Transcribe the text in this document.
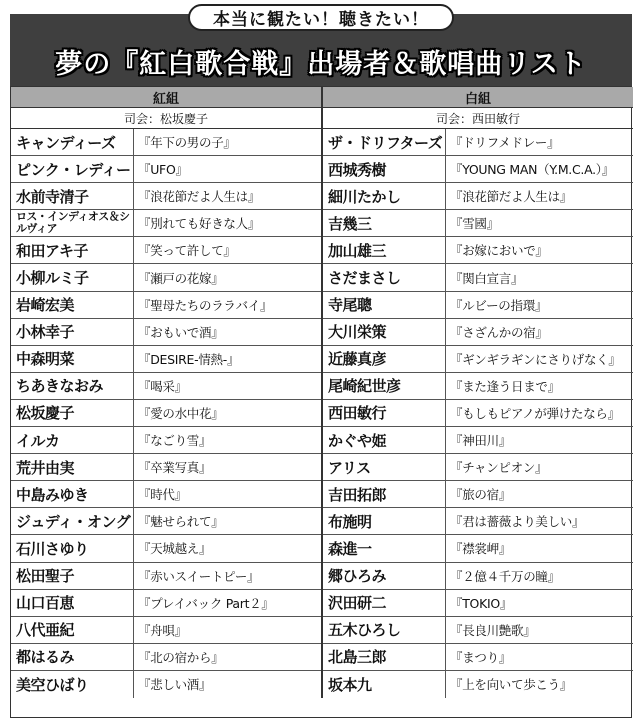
本当に観たい！聴きたい！
夢の『紅白歌合戦』出場者＆歌唱曲リスト
紅組
司会：松坂慶子
キャンディーズ	『年下の男の子』
ピンク・レディー 『UFO』
水前寺清子	『浪花節だよ人生は』
ロス・インディオス＆シルヴィア	『別れても好きな人』
和田アキ子	『笑って許して』
小柳ルミ子	『瀬戸の花嫁』
岩崎宏美	『聖母たちのララバイ』
小林幸子	『おもいで酒』
中森明菜	『DESIRE-情熱-』
ちあきなおみ	『喝采』
松坂慶子	『愛の水中花』
イルカ	『なごり雪』
荒井由実	『卒業写真』
中島みゆき	『時代』
ジュディ・オング 『魅せられて』
石川さゆり	『天城越え』
松田聖子	『赤いスイートピー』
山口百恵	『プレイバック Part２』
八代亜紀	『舟唄』
都はるみ	『北の宿から』
美空ひばり	『悲しい酒』
白組
司会：西田敏行
ザ・ドリフターズ 『ドリフメドレー』
西城秀樹	『YOUNG MAN（Y.M.C.A.）』
細川たかし	『浪花節だよ人生は』
吉幾三	『雪國』
加山雄三	『お嫁においで』
さだまさし	『関白宣言』
寺尾聰	『ルビーの指環』
大川栄策	『さざんかの宿』
近藤真彦	『ギンギラギンにさりげなく』
尾崎紀世彦	『また逢う日まで』
西田敏行	『もしもピアノが弾けたなら』
かぐや姫	『神田川』
アリス	『チャンピオン』
吉田拓郎	『旅の宿』
布施明	『君は薔薇より美しい』
森進一	『襟裳岬』
郷ひろみ	『２億４千万の瞳』
沢田研二	『TOKIO』
五木ひろし	『長良川艶歌』
北島三郎	『まつり』
坂本九	『上を向いて歩こう』
